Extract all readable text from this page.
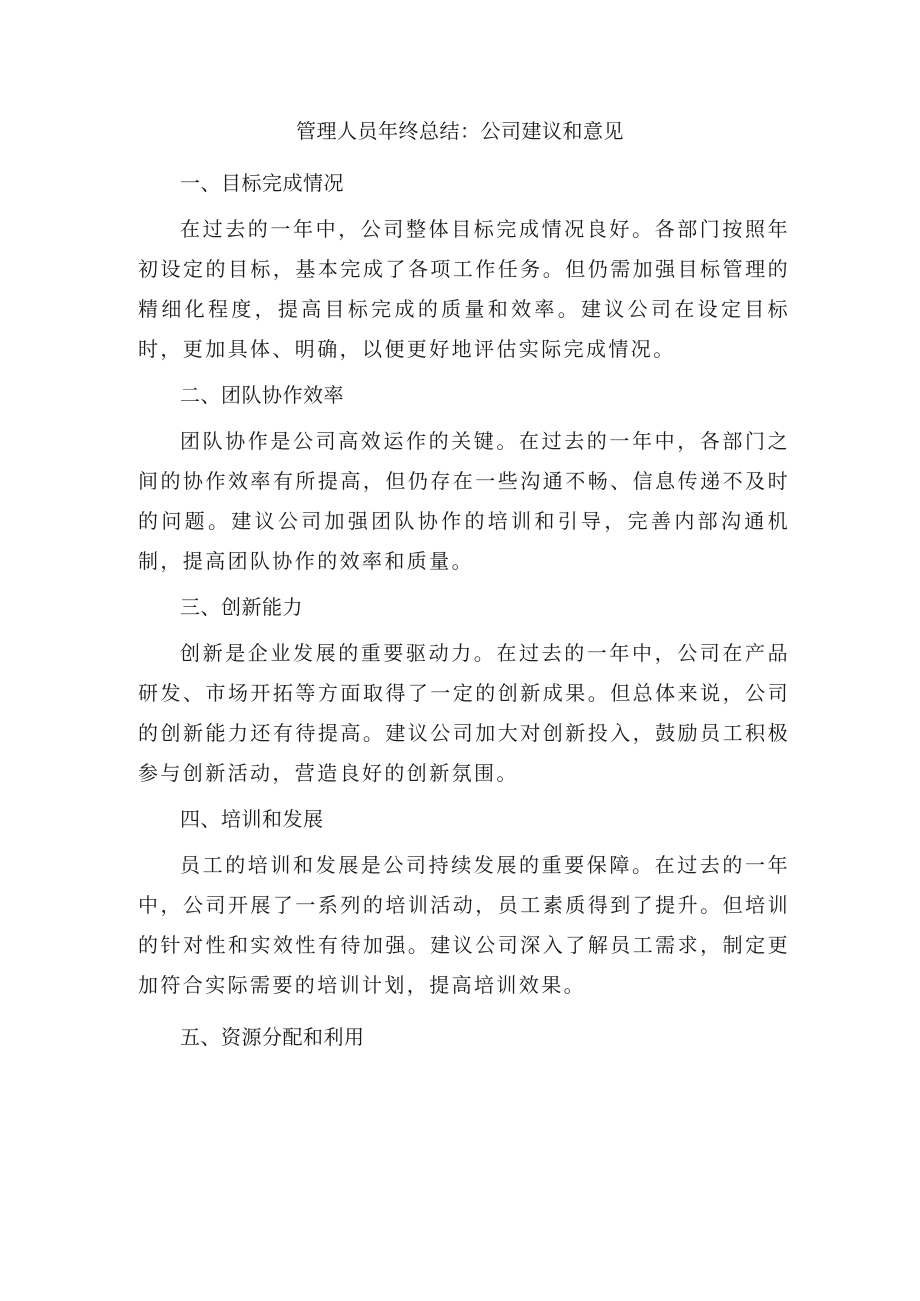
管理人员年终总结：公司建议和意见
一、目标完成情况

在过去的一年中，公司整体目标完成情况良好。各部门按照年初设定的目标，基本完成了各项工作任务。但仍需加强目标管理的精细化程度，提高目标完成的质量和效率。建议公司在设定目标时，更加具体、明确，以便更好地评估实际完成情况。

二、团队协作效率

团队协作是公司高效运作的关键。在过去的一年中，各部门之间的协作效率有所提高，但仍存在一些沟通不畅、信息传递不及时的问题。建议公司加强团队协作的培训和引导，完善内部沟通机制，提高团队协作的效率和质量。

三、创新能力

创新是企业发展的重要驱动力。在过去的一年中，公司在产品研发、市场开拓等方面取得了一定的创新成果。但总体来说，公司的创新能力还有待提高。建议公司加大对创新投入，鼓励员工积极参与创新活动，营造良好的创新氛围。

四、培训和发展

员工的培训和发展是公司持续发展的重要保障。在过去的一年中，公司开展了一系列的培训活动，员工素质得到了提升。但培训的针对性和实效性有待加强。建议公司深入了解员工需求，制定更加符合实际需要的培训计划，提高培训效果。

五、资源分配和利用
